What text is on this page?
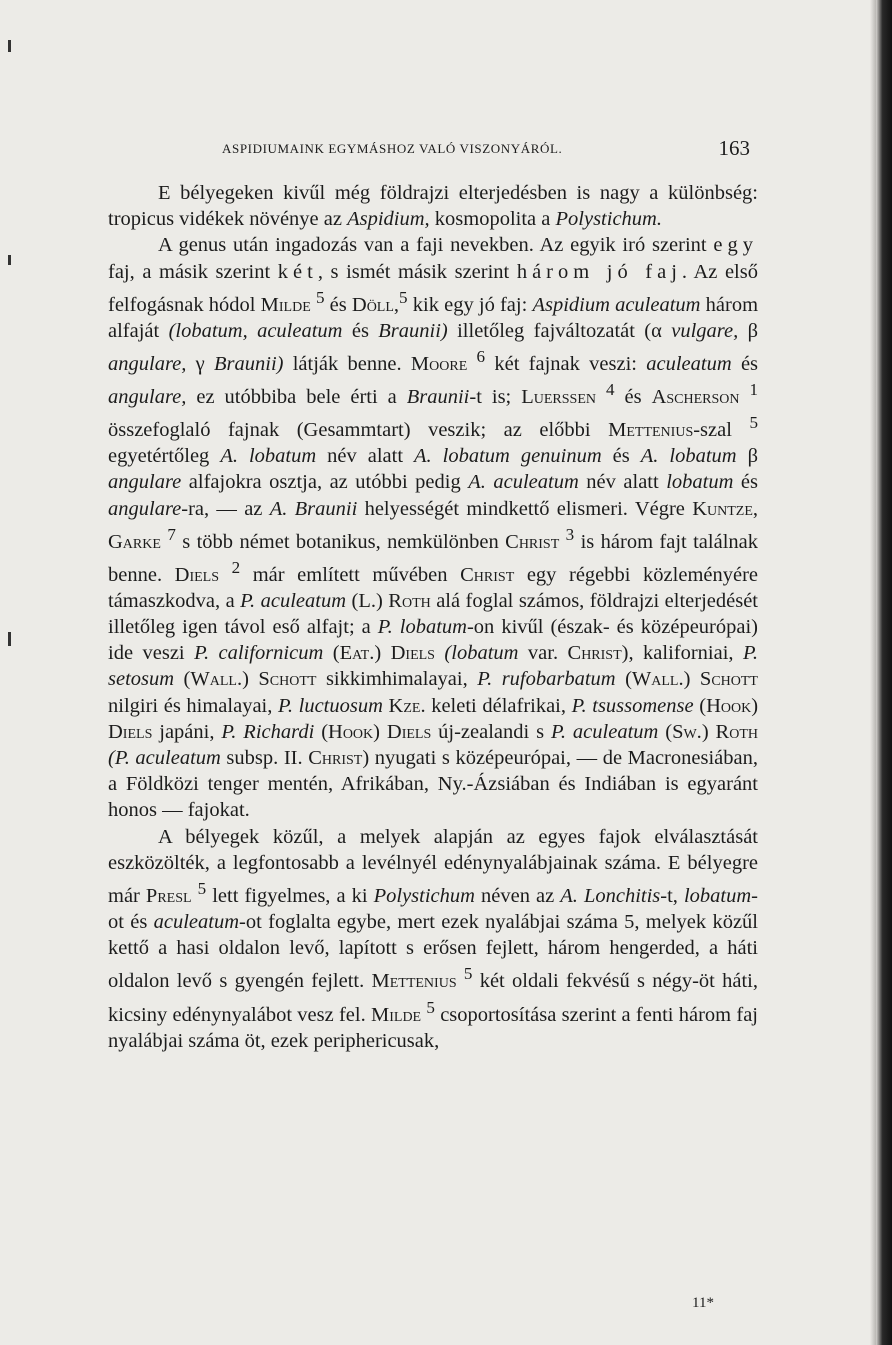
ASPIDIUMAINK EGYMÁSHOZ VALÓ VISZONYÁRÓL.	163

E bélyegeken kivűl még földrajzi elterjedésben is nagy a különbség: tropicus vidékek növénye az Aspidium, kosmopolita a Polystichum.

A genus után ingadozás van a faji nevekben. Az egyik iró szerint egy faj, a másik szerint két, s ismét másik szerint három jó faj. Az első felfogásnak hódol Milde $^5$ és Döll,$^5$ kik egy jó faj: Aspidium aculeatum három alfaját (lobatum, aculeatum és Braunii) illetőleg fajváltozatát (α vulgare, β angulare, γ Braunii) látják benne. Moore $^6$ két fajnak veszi: aculeatum és angulare, ez utóbbiba bele érti a Braunii-t is; Luerssen $^4$ és Ascherson $^1$ összefoglaló fajnak (Gesammtart) veszik; az előbbi Mettenius-szal $^5$ egyetértőleg A. lobatum név alatt A. lobatum genuinum és A. lobatum β angulare alfajokra osztja, az utóbbi pedig A. aculeatum név alatt lobatum és angulare-ra, — az A. Braunii helyességét mindkettő elismeri. Végre Kuntze, Garke $^7$ s több német botanikus, nemkülönben Christ $^3$ is három fajt találnak benne. Diels $^2$ már említett művében Christ egy régebbi közleményére támaszkodva, a P. aculeatum (L.) Roth alá foglal számos, földrajzi elterjedését illetőleg igen távol eső alfajt; a P. lobatum-on kivűl (észak- és középeurópai) ide veszi P. californicum (Eat.) Diels (lobatum var. Christ), kaliforniai, P. setosum (Wall.) Schott sikkimhimalayai, P. rufobarbatum (Wall.) Schott nilgiri és himalayai, P. luctuosum Kze. keleti délafrikai, P. tsussomense (Hook) Diels japáni, P. Richardi (Hook) Diels új-zealandi s P. aculeatum (Sw.) Roth (P. aculeatum subsp. II. Christ) nyugati s középeurópai, — de Macronesiában, a Földközi tenger mentén, Afrikában, Ny.-Ázsiában és Indiában is egyaránt honos — fajokat.

A bélyegek közűl, a melyek alapján az egyes fajok elválasztását eszközölték, a legfontosabb a levélnyél edénynyalábjainak száma. E bélyegre már Presl $^5$ lett figyelmes, a ki Polystichum néven az A. Lonchitis-t, lobatum-ot és aculeatum-ot foglalta egybe, mert ezek nyalábjai száma 5, melyek közűl kettő a hasi oldalon levő, lapított s erősen fejlett, három hengerded, a háti oldalon levő s gyengén fejlett. Mettenius $^5$ két oldali fekvésű s négy-öt háti, kicsiny edénynyalábot vesz fel. Milde $^5$ csoportosítása szerint a fenti három faj nyalábjai száma öt, ezek periphericusak,

11*
